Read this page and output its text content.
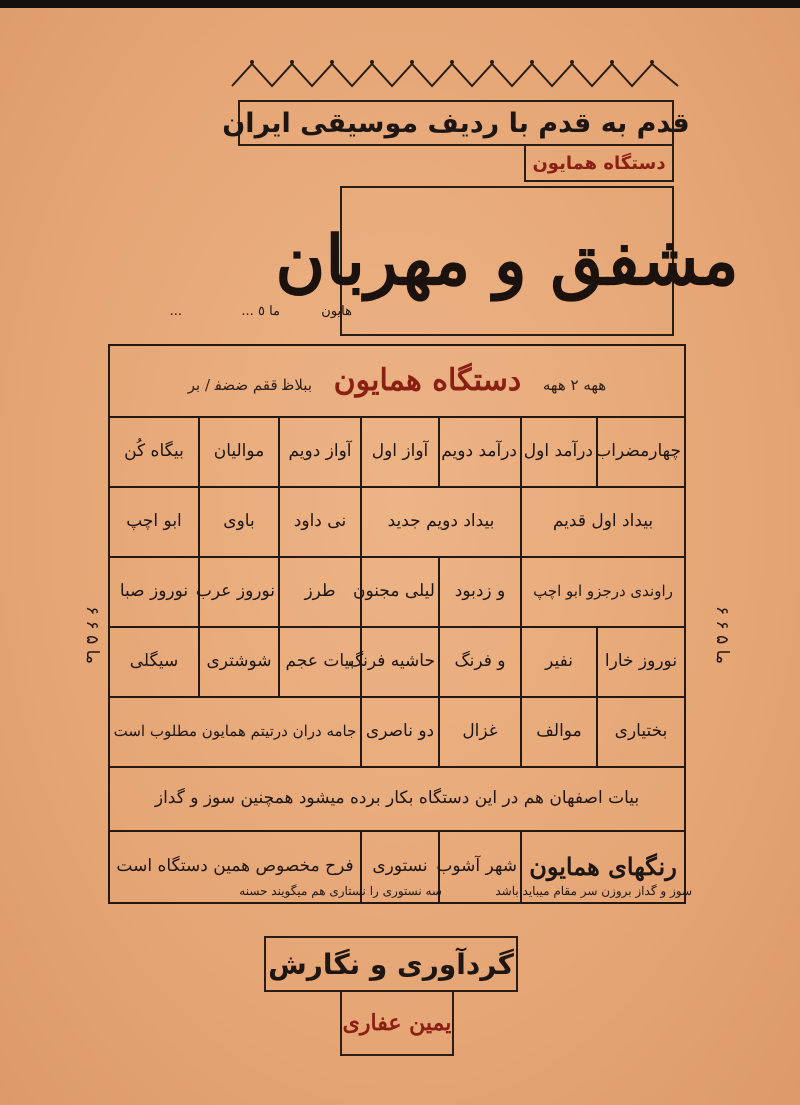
قدم به قدم با ردیف موسیقی ایران
دستگاه همایون
مشفق و مهربان
هایون
ما ٥ ...
...
ﻫﻬﻪ ۲ ﻫﻬﻪ    دستگاه همایون    ﺑﺒﻼﻇ ﻗﻘﻢ ﺿﻀﻔ / ﺑﺮ						
چهارمضراب	درآمد اول	درآمد دویم	آواز اول	آواز دویم	موالیان	بیگاه کُن
بیداد اول قدیم		بیداد دویم جدید		نی داود	باوی	ابو اچپ
راوندی درجزو ابو اچپ		و زدبود	لیلی مجنون	طرز	نوروز عرب	نوروز صبا
نوروز خارا	نفیر	و فرنگ	حاشیه فرنگ	بیات عجم	شوشتری	سیگلی
بختیاری	موالف	غزال	دو ناصری	جامه دران درتیتم همایون مطلوب است		
بیات اصفهان هم در این دستگاه بکار برده میشود همچنین سوز و گداز						
رنگهای همایون		شهر آشوب	نستوری	فرح مخصوص همین دستگاه است		
ما ۵ ۶ ۶
ما ۵ ۶ ۶
سوز و گداز بروزن سر مقام میباید باشد
سه نستوری را نستاری هم میگویند حسنه
گردآوری و نگارش
یمین عفاری
